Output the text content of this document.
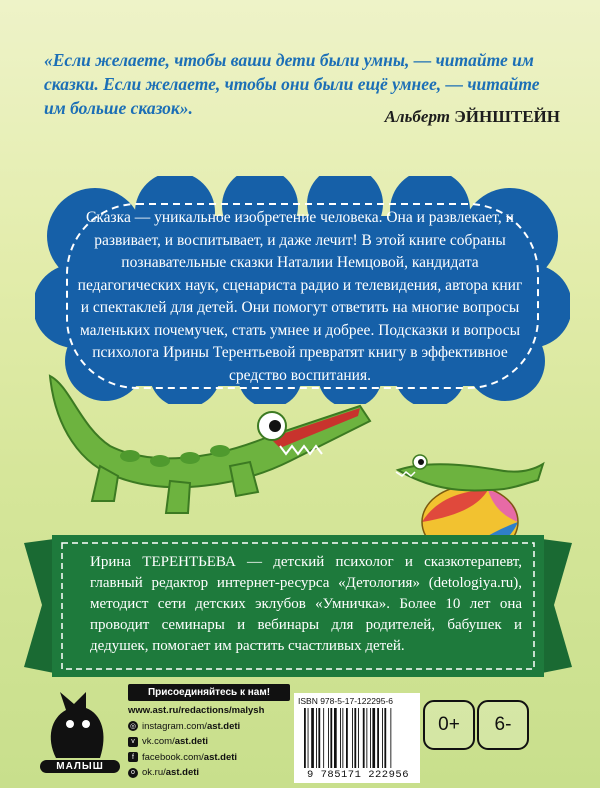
«Если желаете, чтобы ваши дети были умны, — читайте им сказки. Если желаете, чтобы они были ещё умнее, — читайте им больше сказок».	Альберт ЭЙНШТЕЙН
Сказка — уникальное изобретение человека. Она и развлекает, и развивает, и воспитывает, и даже лечит! В этой книге собраны познавательные сказки Наталии Немцовой, кандидата педагогических наук, сценариста радио и телевидения, автора книг и спектаклей для детей. Они помогут ответить на многие вопросы маленьких почемучек, стать умнее и добрее. Подсказки и вопросы психолога Ирины Терентьевой превратят книгу в эффективное средство воспитания.
Ирина ТЕРЕНТЬЕВА — детский психолог и сказкотерапевт, главный редактор интернет-ресурса «Детология» (detologiya.ru), методист сети детских эклубов «Умничка». Более 10 лет она проводит семинары и вебинары для родителей, бабушек и дедушек, помогает им растить счастливых детей.
МАЛЫШ
Присоединяйтесь к нам!
www.ast.ru/redactions/malysh
◎ instagram.com/ ast.deti
v vk.com/ ast.deti
f facebook.com/ ast.deti
o ok.ru/ ast.deti
ISBN 978-5-17-122295-6
9 785171 222956
0+	6-
